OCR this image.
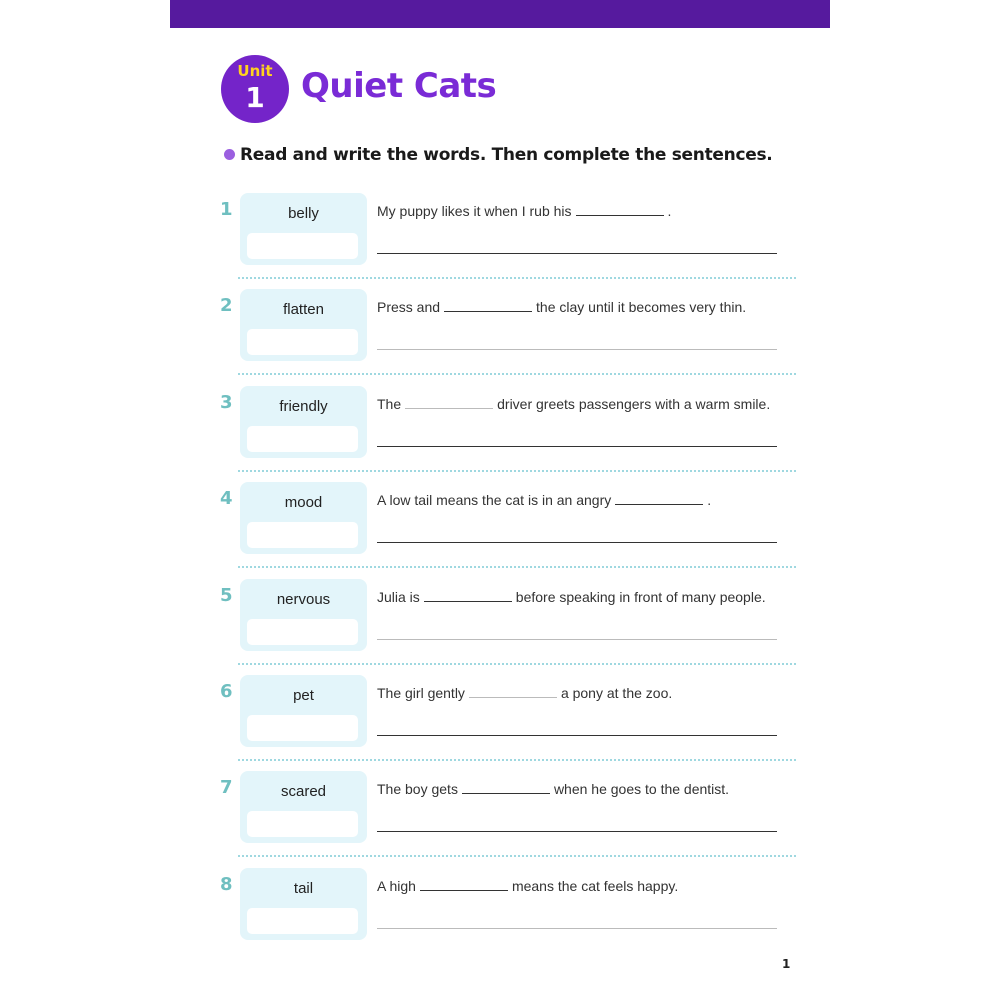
Unit
1	Quiet Cats
Read and write the words. Then complete the sentences.
1	belly	My puppy likes it when I rub his	.
2	flatten	Press and	the clay until it becomes very thin.
3	friendly	The	driver greets passengers with a warm smile.
4	mood	A low tail means the cat is in an angry	.
5	nervous	Julia is	before speaking in front of many people.
6	pet	The girl gently	a pony at the zoo.
7	scared	The boy gets	when he goes to the dentist.
8	tail	A high	means the cat feels happy.
1
